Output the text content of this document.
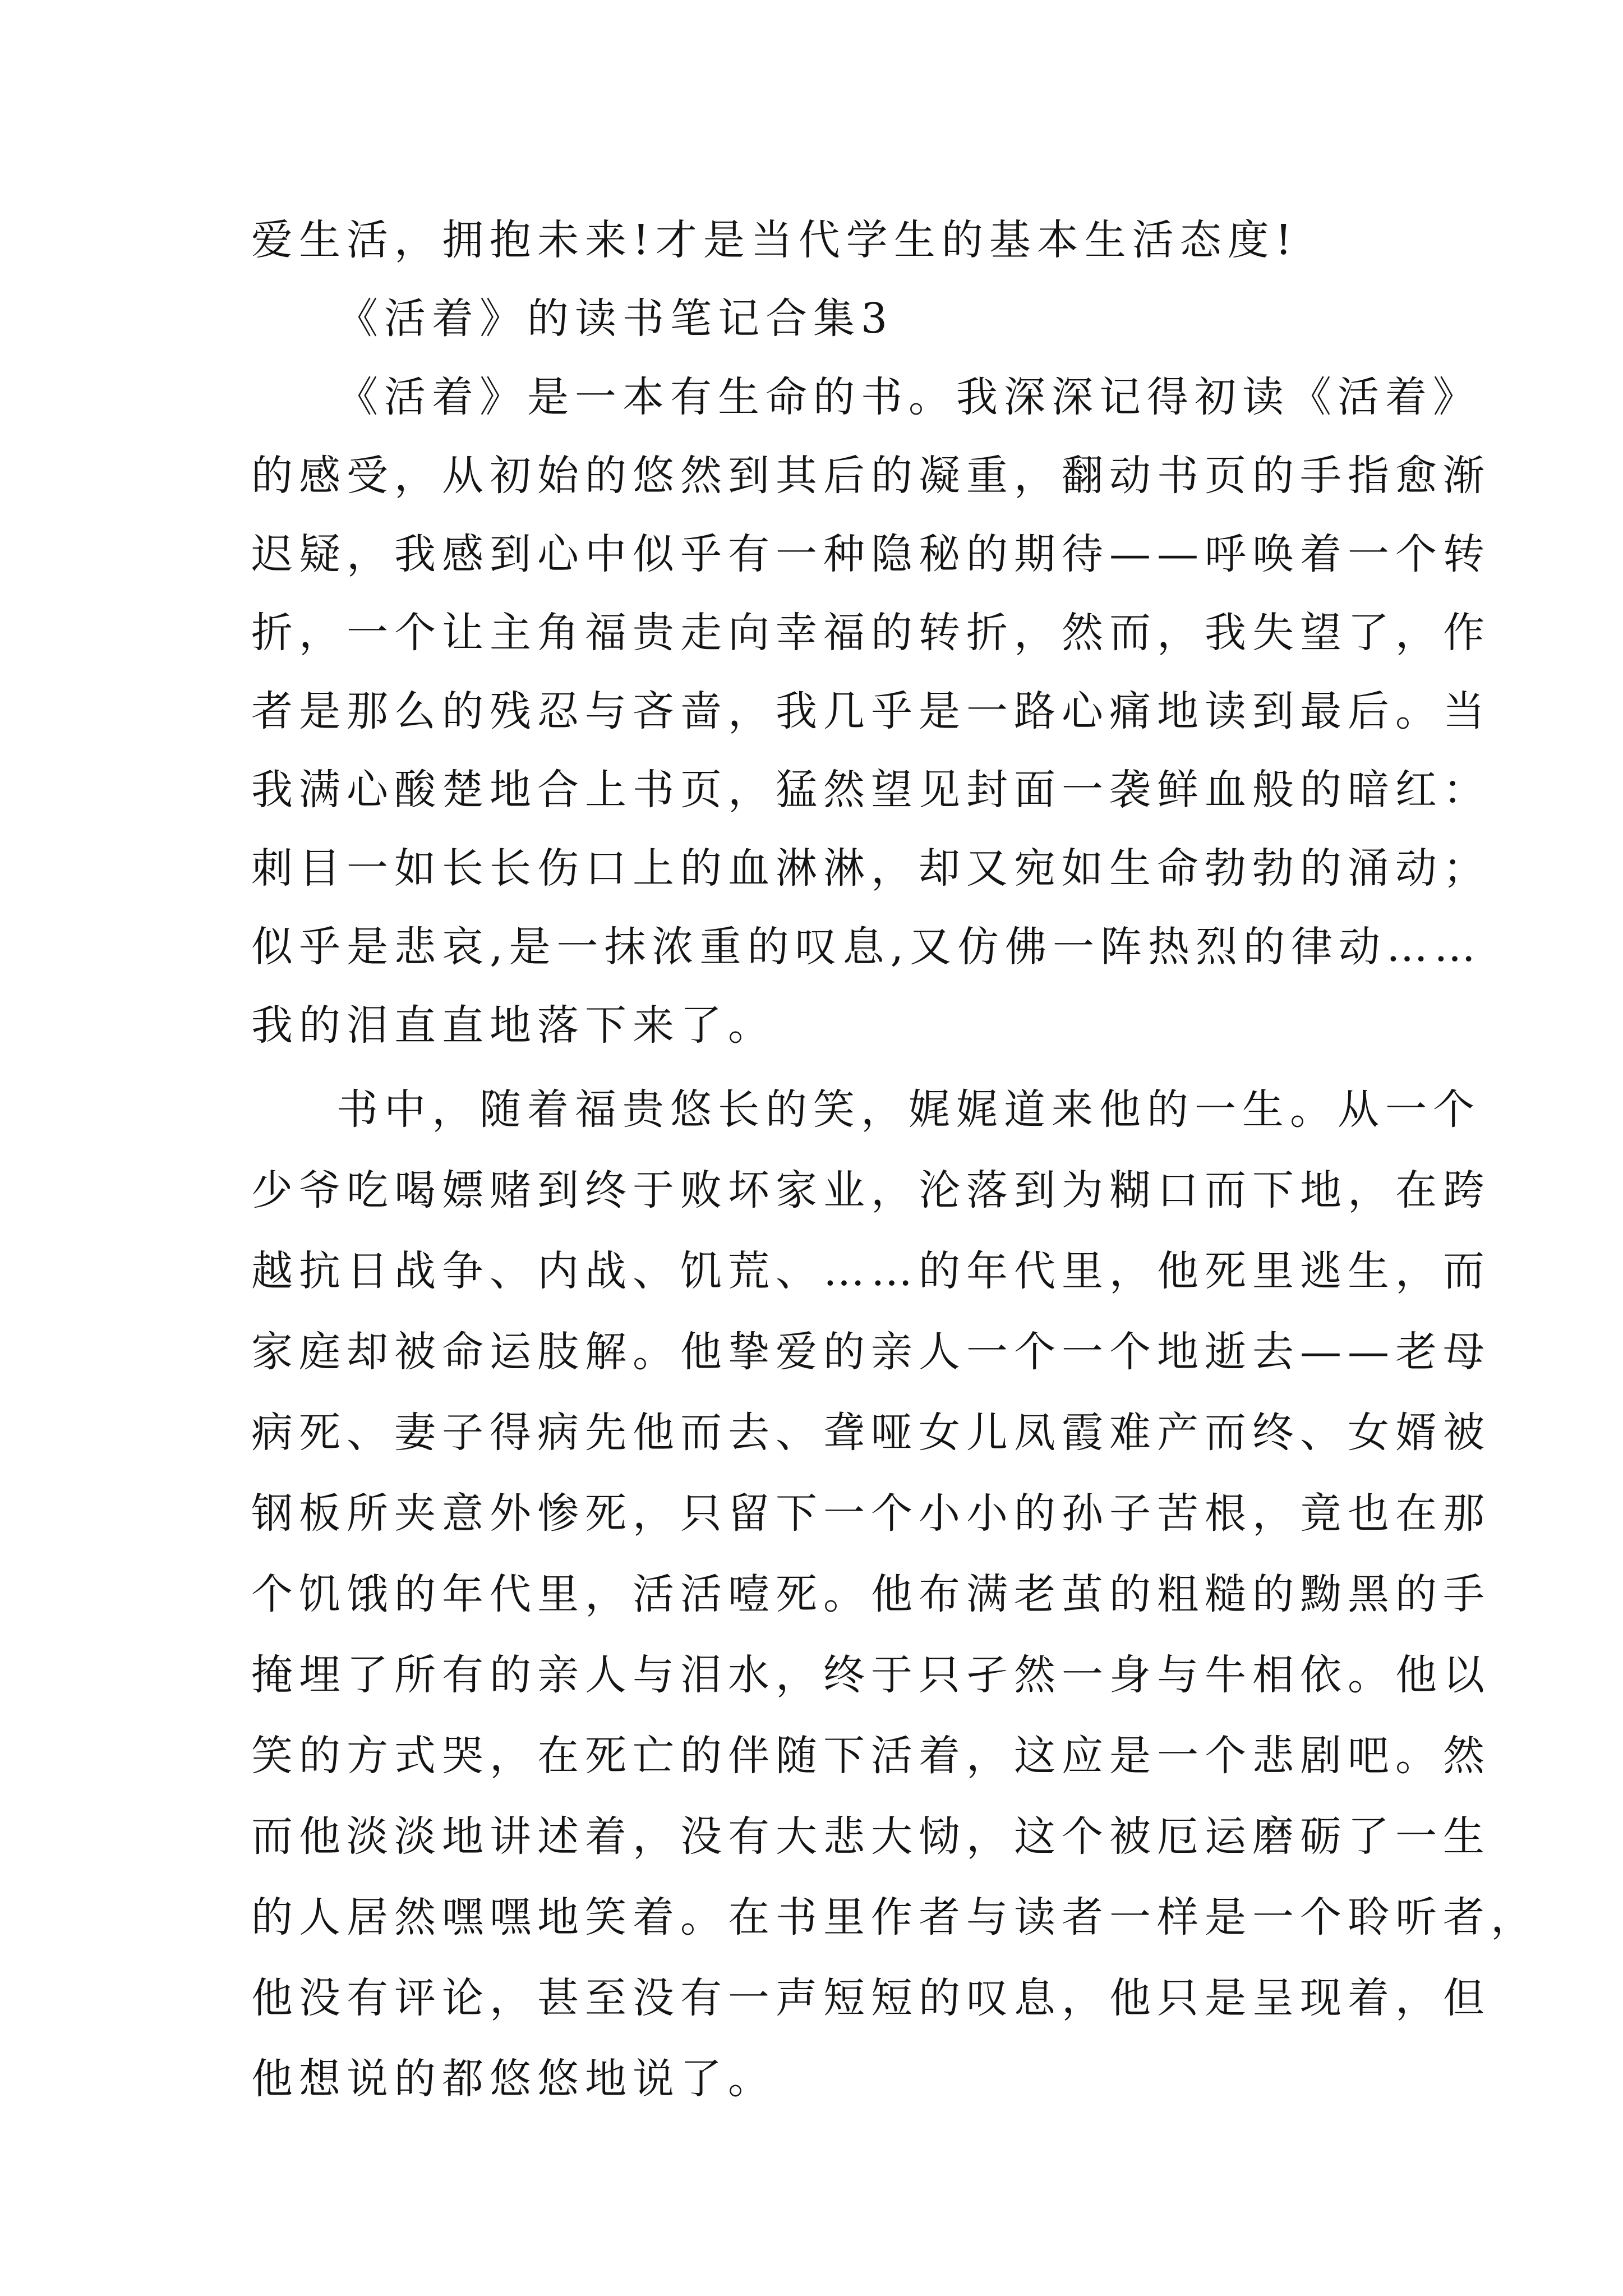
爱生活，拥抱未来!才是当代学生的基本生活态度!

《活着》的读书笔记合集3

《活着》是一本有生命的书。我深深记得初读《活着》

的感受，从初始的悠然到其后的凝重，翻动书页的手指愈渐

迟疑，我感到心中似乎有一种隐秘的期待——呼唤着一个转

折，一个让主角福贵走向幸福的转折，然而，我失望了，作

者是那么的残忍与吝啬，我几乎是一路心痛地读到最后。当

我满心酸楚地合上书页，猛然望见封面一袭鲜血般的暗红：

刺目一如长长伤口上的血淋淋，却又宛如生命勃勃的涌动；

似乎是悲哀,是一抹浓重的叹息,又仿佛一阵热烈的律动……

我的泪直直地落下来了。

书中，随着福贵悠长的笑，娓娓道来他的一生。从一个

少爷吃喝嫖赌到终于败坏家业，沦落到为糊口而下地，在跨

越抗日战争、内战、饥荒、……的年代里，他死里逃生，而

家庭却被命运肢解。他挚爱的亲人一个一个地逝去——老母

病死、妻子得病先他而去、聋哑女儿凤霞难产而终、女婿被

钢板所夹意外惨死，只留下一个小小的孙子苦根，竟也在那

个饥饿的年代里，活活噎死。他布满老茧的粗糙的黝黑的手

掩埋了所有的亲人与泪水，终于只孑然一身与牛相依。他以

笑的方式哭，在死亡的伴随下活着，这应是一个悲剧吧。然

而他淡淡地讲述着，没有大悲大恸，这个被厄运磨砺了一生

的人居然嘿嘿地笑着。在书里作者与读者一样是一个聆听者，

他没有评论，甚至没有一声短短的叹息，他只是呈现着，但

他想说的都悠悠地说了。
